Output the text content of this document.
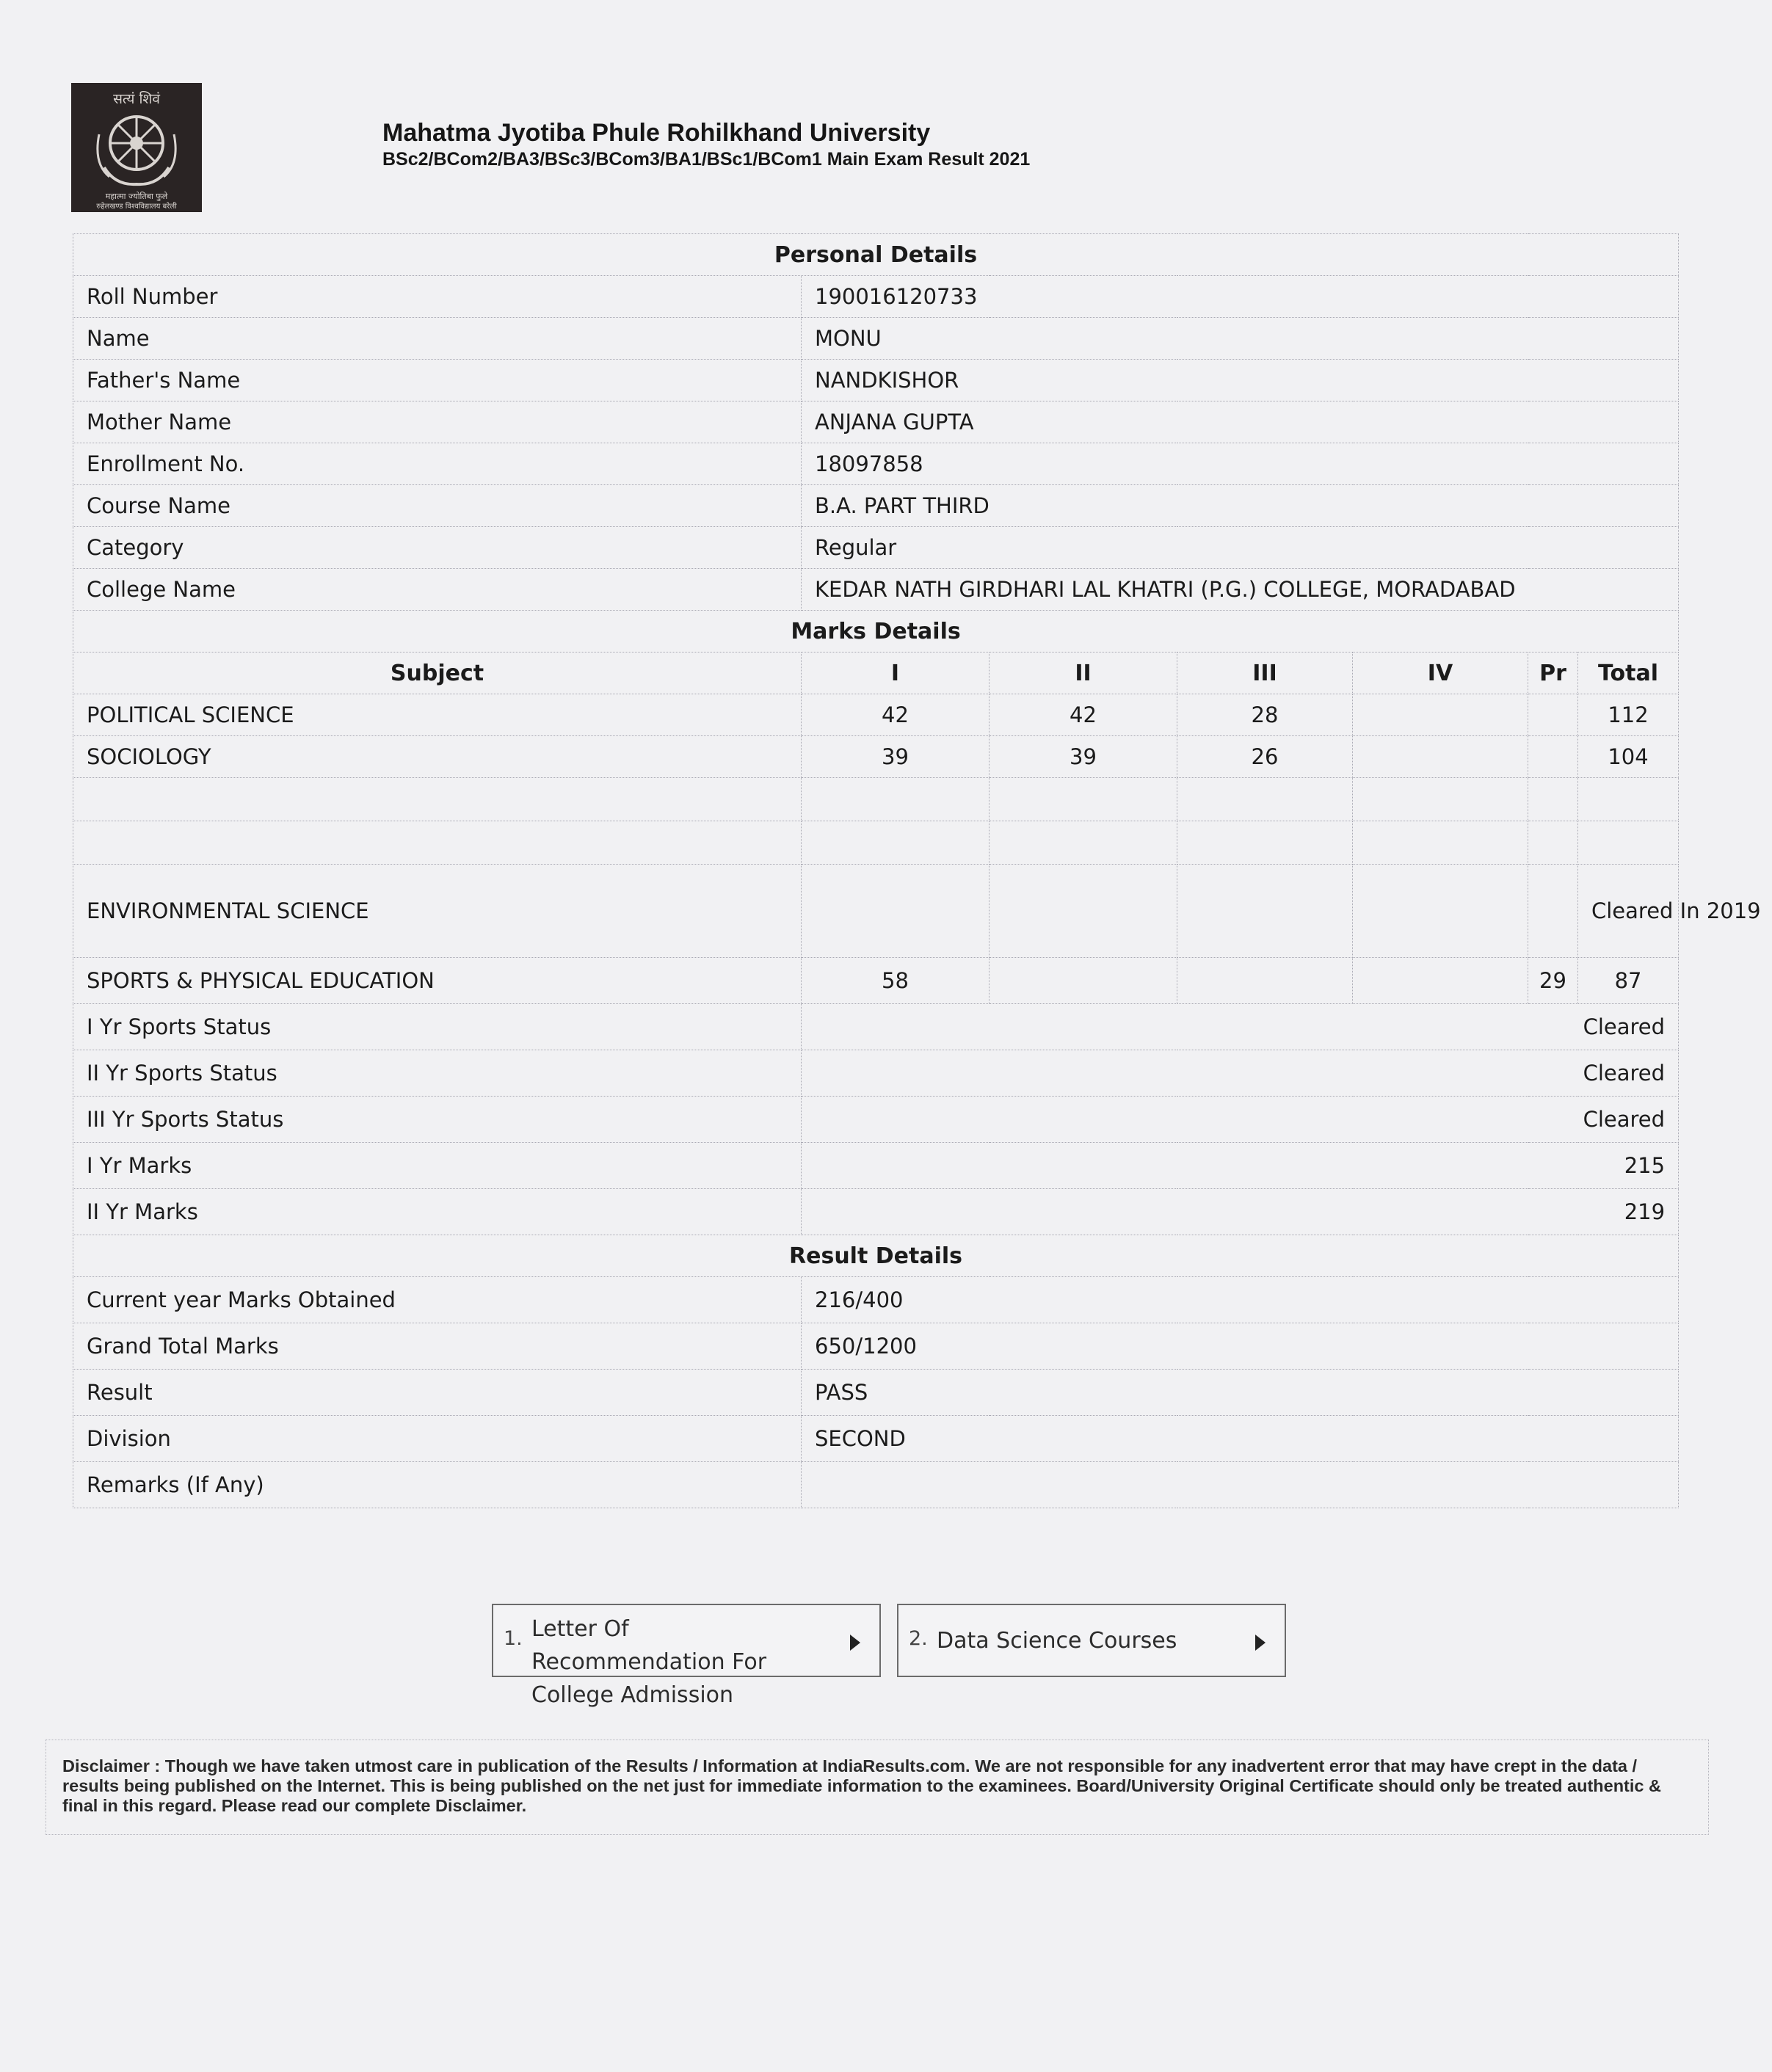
सत्यं शिवं
महात्मा ज्योतिबा फुले
रुहेलखण्ड विश्वविद्यालय बरेली
Mahatma Jyotiba Phule Rohilkhand University
BSc2/BCom2/BA3/BSc3/BCom3/BA1/BSc1/BCom1 Main Exam Result 2021
Personal Details						
Roll Number	190016120733					
Name	MONU					
Father's Name	NANDKISHOR					
Mother Name	ANJANA GUPTA					
Enrollment No.	18097858					
Course Name	B.A. PART THIRD					
Category	Regular					
College Name	KEDAR NATH GIRDHARI LAL KHATRI (P.G.) COLLEGE, MORADABAD					
Marks Details						
Subject	I	II	III	IV	Pr	Total
POLITICAL SCIENCE	42	42	28			112
SOCIOLOGY	39	39	26			104

ENVIRONMENTAL SCIENCE						Cleared In 2019
SPORTS & PHYSICAL EDUCATION	58				29	87
I Yr Sports Status	Cleared					
II Yr Sports Status	Cleared					
III Yr Sports Status	Cleared					
I Yr Marks	215					
II Yr Marks	219					
Result Details						
Current year Marks Obtained	216/400					
Grand Total Marks	650/1200					
Result	PASS					
Division	SECOND					
Remarks (If Any)						
1. Letter Of Recommendation For College Admission
2. Data Science Courses
Disclaimer : Though we have taken utmost care in publication of the Results / Information at IndiaResults.com. We are not responsible for any inadvertent error that may have crept in the data / results being published on the Internet. This is being published on the net just for immediate information to the examinees. Board/University Original Certificate should only be treated authentic & final in this regard. Please read our complete Disclaimer.
